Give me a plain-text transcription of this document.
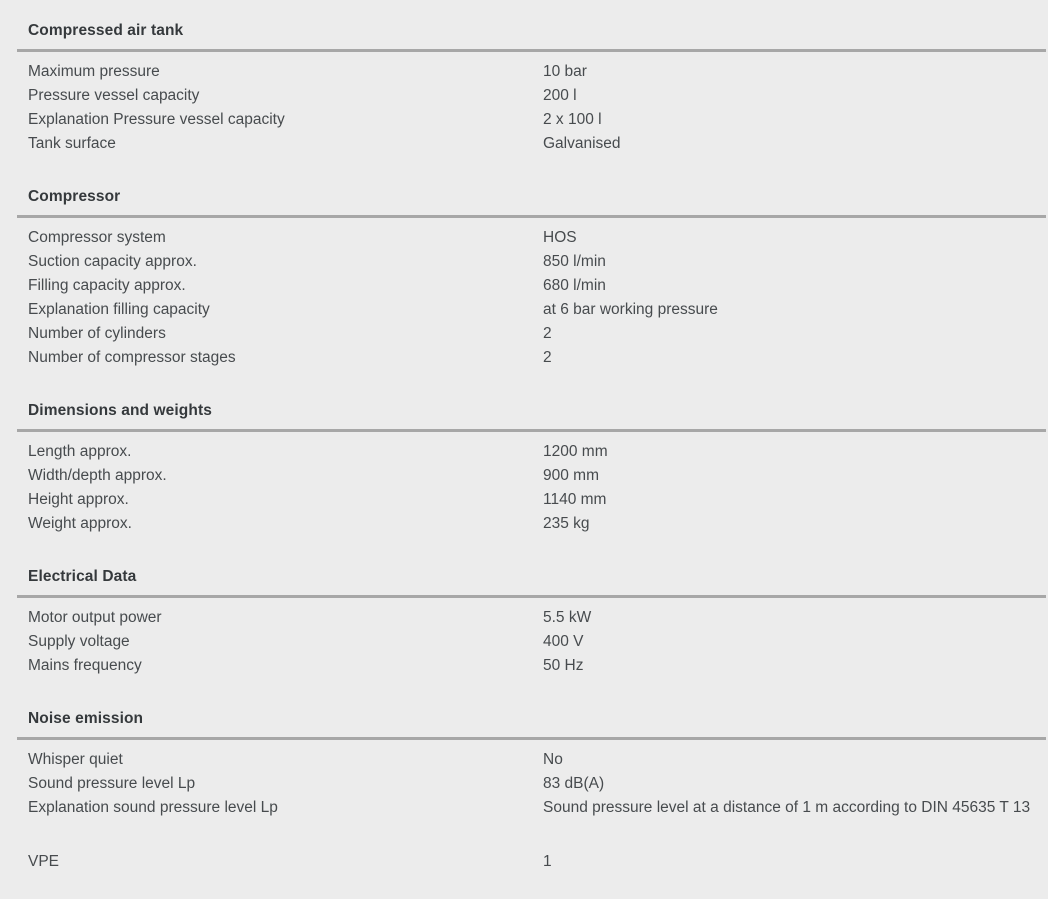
Compressed air tank
Maximum pressure	10 bar
Pressure vessel capacity	200 l
Explanation Pressure vessel capacity	2 x 100 l
Tank surface	Galvanised
Compressor
Compressor system	HOS
Suction capacity approx.	850 l/min
Filling capacity approx.	680 l/min
Explanation filling capacity	at 6 bar working pressure
Number of cylinders	2
Number of compressor stages	2
Dimensions and weights
Length approx.	1200 mm
Width/depth approx.	900 mm
Height approx.	1140 mm
Weight approx.	235 kg
Electrical Data
Motor output power	5.5 kW
Supply voltage	400 V
Mains frequency	50 Hz
Noise emission
Whisper quiet	No
Sound pressure level Lp	83 dB(A)
Explanation sound pressure level Lp	Sound pressure level at a distance of 1 m according to DIN 45635 T 13
VPE	1
